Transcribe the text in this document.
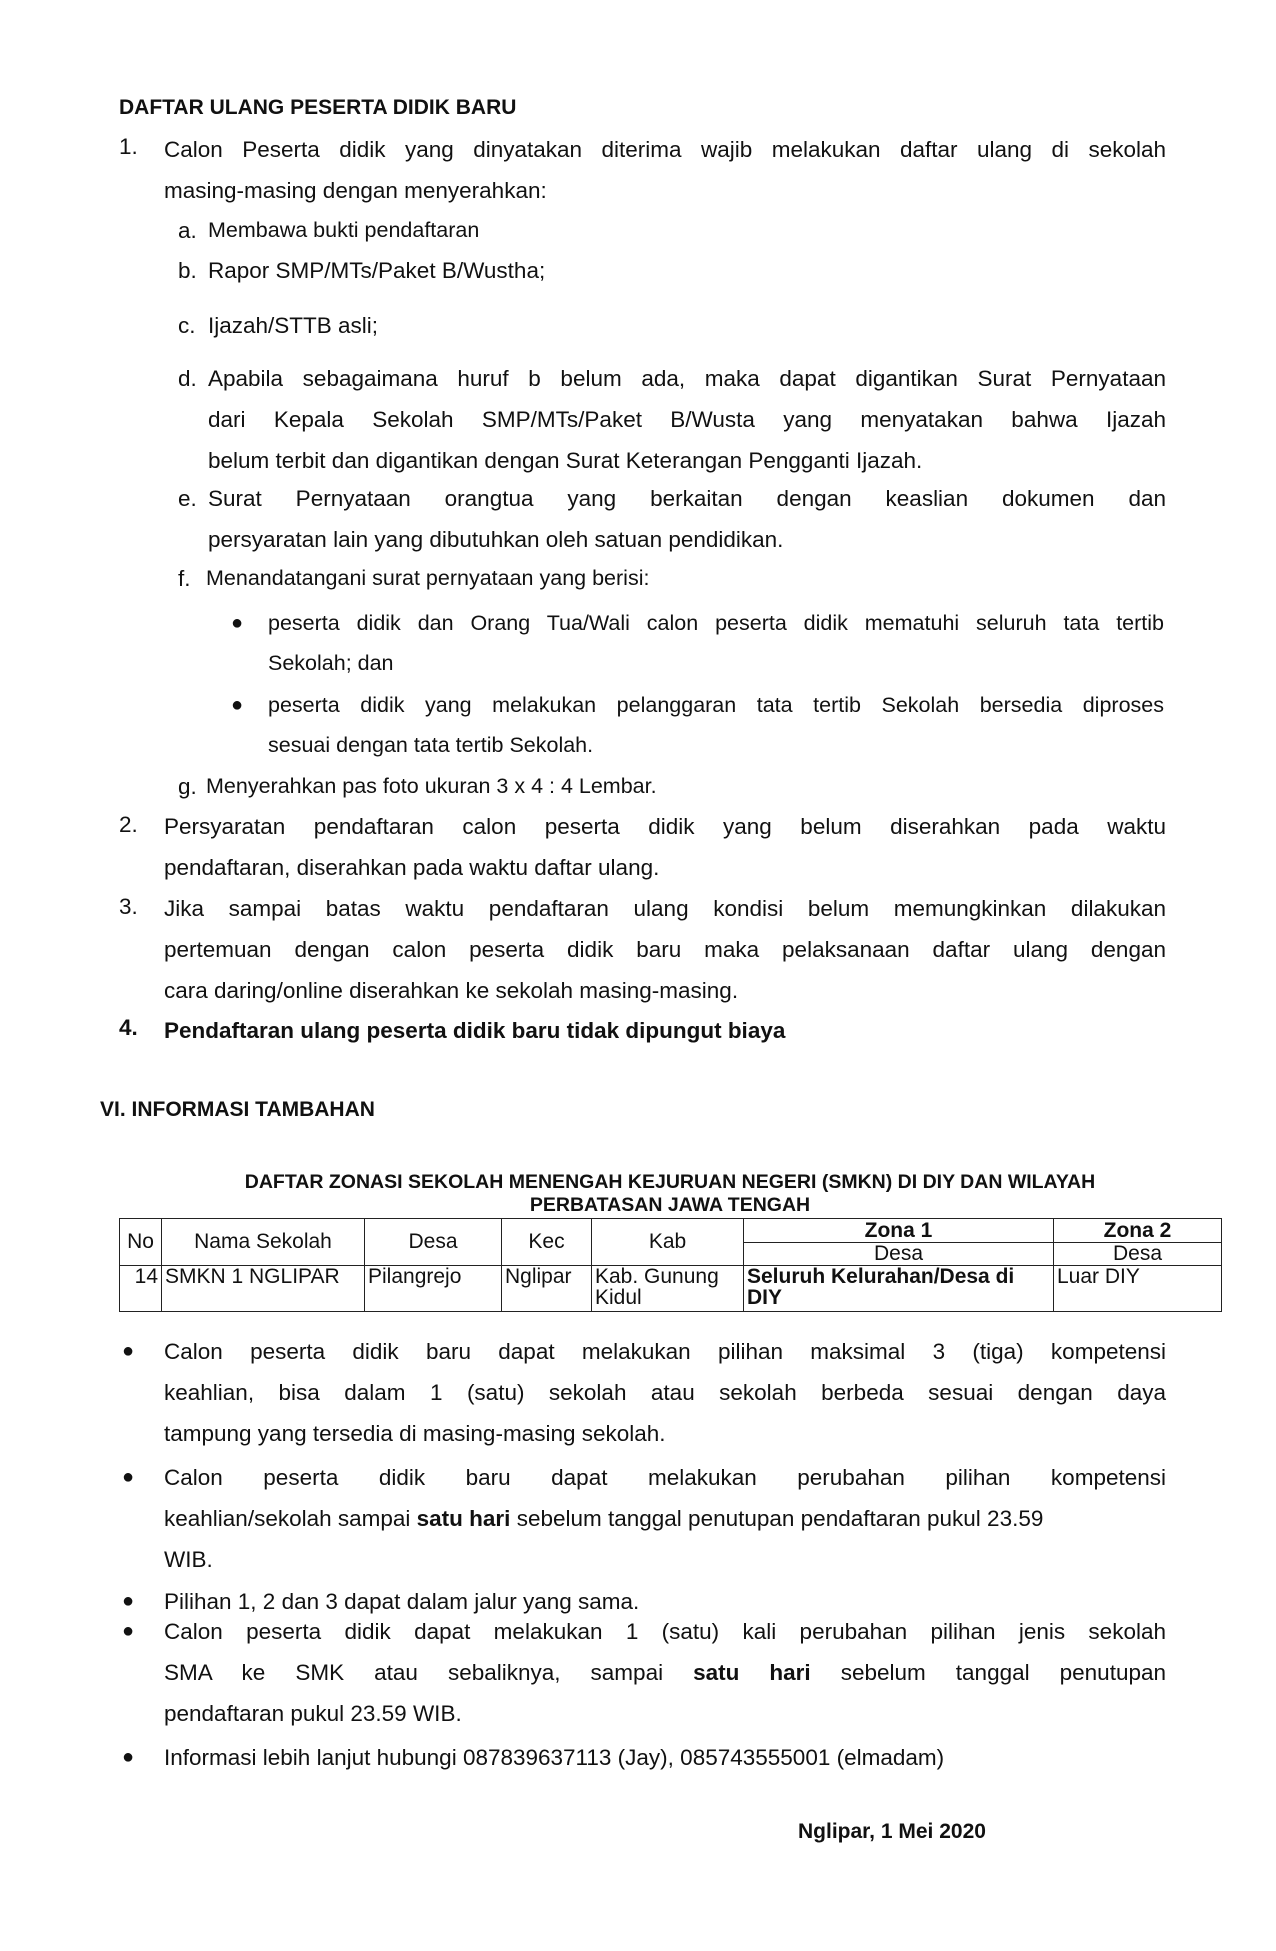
DAFTAR ULANG PESERTA DIDIK BARU
1. Calon Peserta didik yang dinyatakan diterima wajib melakukan daftar ulang di sekolah
masing-masing dengan menyerahkan:
a. Membawa bukti pendaftaran
b. Rapor SMP/MTs/Paket B/Wustha;
c. Ijazah/STTB asli;
d. Apabila sebagaimana huruf b belum ada, maka dapat digantikan Surat Pernyataan
dari Kepala Sekolah SMP/MTs/Paket B/Wusta yang menyatakan bahwa Ijazah
belum terbit dan digantikan dengan Surat Keterangan Pengganti Ijazah.
e. Surat Pernyataan orangtua yang berkaitan dengan keaslian dokumen dan
persyaratan lain yang dibutuhkan oleh satuan pendidikan.
f. Menandatangani surat pernyataan yang berisi:
● peserta didik dan Orang Tua/Wali calon peserta didik mematuhi seluruh tata tertib
Sekolah; dan
● peserta didik yang melakukan pelanggaran tata tertib Sekolah bersedia diproses
sesuai dengan tata tertib Sekolah.
g. Menyerahkan pas foto ukuran 3 x 4 : 4 Lembar.
2. Persyaratan pendaftaran calon peserta didik yang belum diserahkan pada waktu
pendaftaran, diserahkan pada waktu daftar ulang.
3. Jika sampai batas waktu pendaftaran ulang kondisi belum memungkinkan dilakukan
pertemuan dengan calon peserta didik baru maka pelaksanaan daftar ulang dengan
cara daring/online diserahkan ke sekolah masing-masing.
4. Pendaftaran ulang peserta didik baru tidak dipungut biaya
VI. INFORMASI TAMBAHAN
DAFTAR ZONASI SEKOLAH MENENGAH KEJURUAN NEGERI (SMKN) DI DIY DAN WILAYAH
PERBATASAN JAWA TENGAH
No	Nama Sekolah	Desa	Kec	Kab	Zona 1	Zona 2
					Desa	Desa
14	SMKN 1 NGLIPAR	Pilangrejo	Nglipar	Kab. Gunung Kidul	Seluruh Kelurahan/Desa di DIY	Luar DIY
● Calon peserta didik baru dapat melakukan pilihan maksimal 3 (tiga) kompetensi
keahlian, bisa dalam 1 (satu) sekolah atau sekolah berbeda sesuai dengan daya
tampung yang tersedia di masing-masing sekolah.
● Calon peserta didik baru dapat melakukan perubahan pilihan kompetensi
keahlian/sekolah sampai satu hari sebelum tanggal penutupan pendaftaran pukul 23.59
WIB.
● Pilihan 1, 2 dan 3 dapat dalam jalur yang sama.
● Calon peserta didik dapat melakukan 1 (satu) kali perubahan pilihan jenis sekolah
SMA ke SMK atau sebaliknya, sampai satu hari sebelum tanggal penutupan
pendaftaran pukul 23.59 WIB.
● Informasi lebih lanjut hubungi 087839637113 (Jay), 085743555001 (elmadam)
Nglipar, 1 Mei 2020
